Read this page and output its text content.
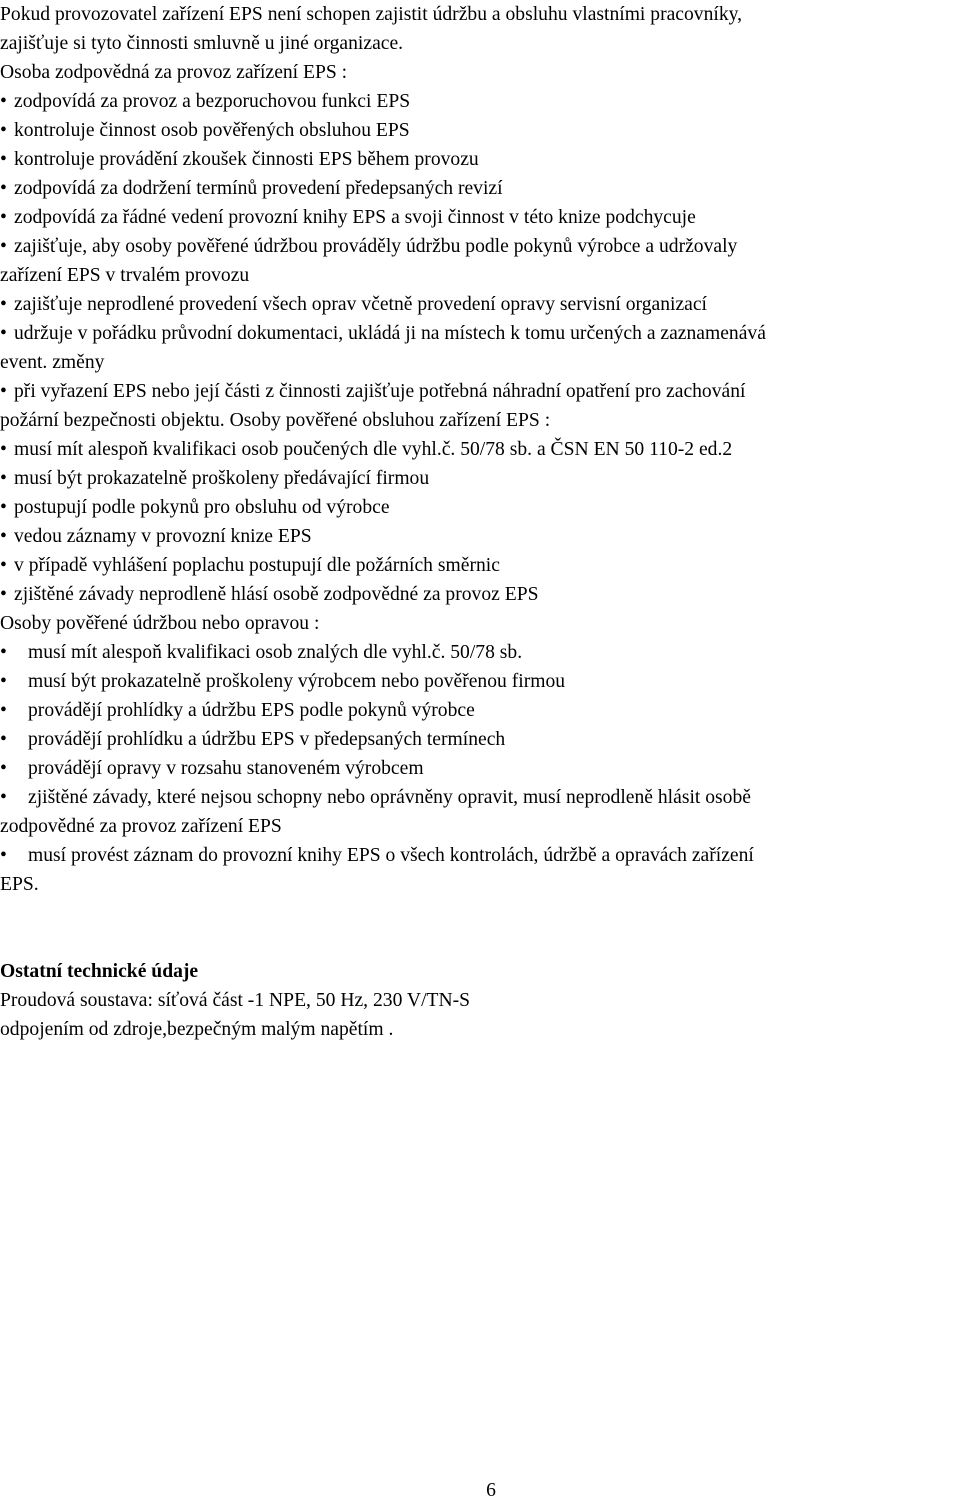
Pokud provozovatel zařízení EPS není schopen zajistit údržbu a obsluhu vlastními pracovníky,

zajišťuje si tyto činnosti smluvně u jiné organizace.

Osoba zodpovědná za provoz zařízení EPS :

• zodpovídá za provoz a bezporuchovou funkci EPS

• kontroluje činnost osob pověřených obsluhou EPS

• kontroluje provádění zkoušek činnosti EPS během provozu

• zodpovídá za dodržení termínů provedení předepsaných revizí

• zodpovídá za řádné vedení provozní knihy EPS a svoji činnost v této knize podchycuje

• zajišťuje, aby osoby pověřené údržbou prováděly údržbu podle pokynů výrobce a udržovaly

zařízení EPS v trvalém provozu

• zajišťuje neprodlené provedení všech oprav včetně provedení opravy servisní organizací

• udržuje v pořádku průvodní dokumentaci, ukládá ji na místech k tomu určených a zaznamenává

event. změny

• při vyřazení EPS nebo její části z činnosti zajišťuje potřebná náhradní opatření pro zachování

požární bezpečnosti objektu. Osoby pověřené obsluhou zařízení EPS :

• musí mít alespoň kvalifikaci osob poučených dle vyhl.č. 50/78 sb. a ČSN EN 50 110-2 ed.2

• musí být prokazatelně proškoleny předávající firmou

• postupují podle pokynů pro obsluhu od výrobce

• vedou záznamy v provozní knize EPS

• v případě vyhlášení poplachu postupují dle požárních směrnic

• zjištěné závady neprodleně hlásí osobě zodpovědné za provoz EPS

Osoby pověřené údržbou nebo opravou :

• musí mít alespoň kvalifikaci osob znalých dle vyhl.č. 50/78 sb.

• musí být prokazatelně proškoleny výrobcem nebo pověřenou firmou

• provádějí prohlídky a údržbu EPS podle pokynů výrobce

• provádějí prohlídku a údržbu EPS v předepsaných termínech

• provádějí opravy v rozsahu stanoveném výrobcem

• zjištěné závady, které nejsou schopny nebo oprávněny opravit, musí neprodleně hlásit osobě

zodpovědné za provoz zařízení EPS

• musí provést záznam do provozní knihy EPS o všech kontrolách, údržbě a opravách zařízení

EPS.

Ostatní technické údaje

Proudová soustava: síťová část -1 NPE, 50 Hz, 230 V/TN-S

odpojením od zdroje,bezpečným malým napětím .

6
